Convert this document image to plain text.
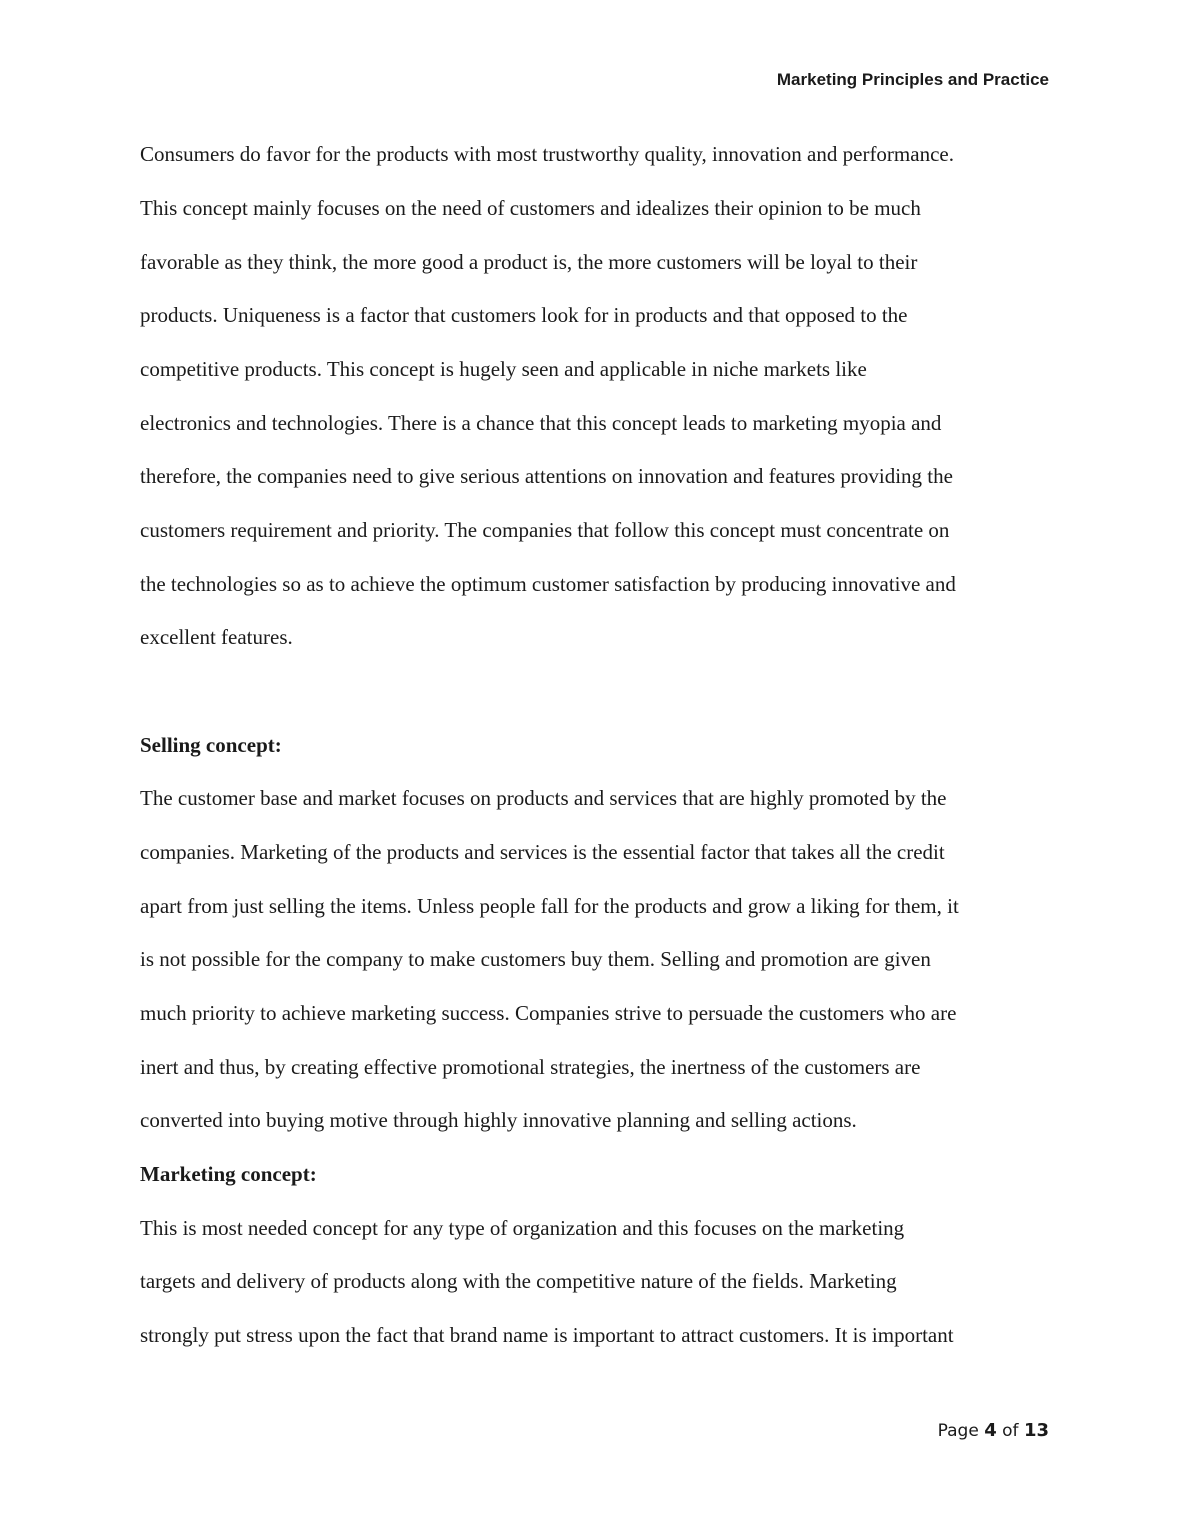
Marketing Principles and Practice
Consumers do favor for the products with most trustworthy quality, innovation and performance.
This concept mainly focuses on the need of customers and idealizes their opinion to be much
favorable as they think, the more good a product is, the more customers will be loyal to their
products. Uniqueness is a factor that customers look for in products and that opposed to the
competitive products. This concept is hugely seen and applicable in niche markets like
electronics and technologies. There is a chance that this concept leads to marketing myopia and
therefore, the companies need to give serious attentions on innovation and features providing the
customers requirement and priority. The companies that follow this concept must concentrate on
the technologies so as to achieve the optimum customer satisfaction by producing innovative and
excellent features.
Selling concept:
The customer base and market focuses on products and services that are highly promoted by the
companies. Marketing of the products and services is the essential factor that takes all the credit
apart from just selling the items. Unless people fall for the products and grow a liking for them, it
is not possible for the company to make customers buy them. Selling and promotion are given
much priority to achieve marketing success. Companies strive to persuade the customers who are
inert and thus, by creating effective promotional strategies, the inertness of the customers are
converted into buying motive through highly innovative planning and selling actions.
Marketing concept:
This is most needed concept for any type of organization and this focuses on the marketing
targets and delivery of products along with the competitive nature of the fields. Marketing
strongly put stress upon the fact that brand name is important to attract customers. It is important
Page 4 of 13
